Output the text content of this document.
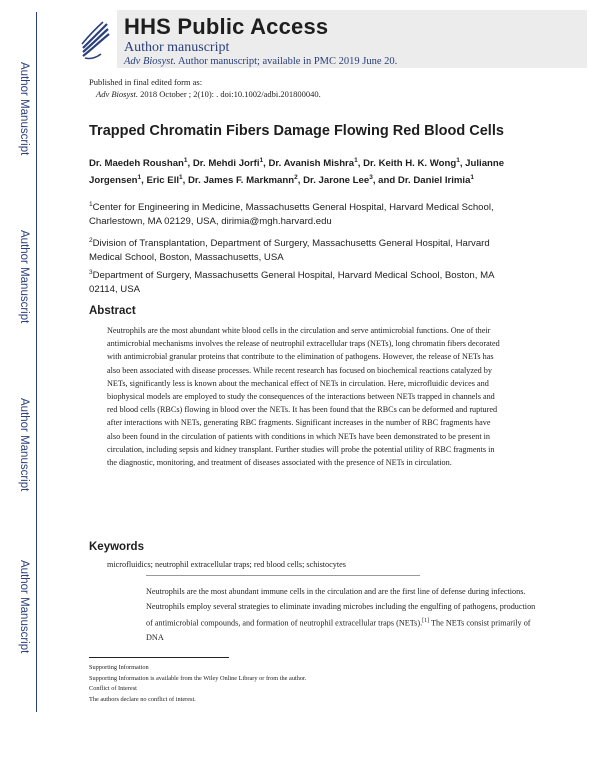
Author Manuscript
Author Manuscript
Author Manuscript
Author Manuscript
HHS Public Access
Author manuscript
Adv Biosyst. Author manuscript; available in PMC 2019 June 20.
Published in final edited form as:
Adv Biosyst. 2018 October ; 2(10): . doi:10.1002/adbi.201800040.
Trapped Chromatin Fibers Damage Flowing Red Blood Cells
Dr. Maedeh Roushan$^1$, Dr. Mehdi Jorfi$^1$, Dr. Avanish Mishra$^1$, Dr. Keith H. K. Wong$^1$, Julianne Jorgensen$^1$, Eric Ell$^1$, Dr. James F. Markmann$^2$, Dr. Jarone Lee$^3$, and Dr. Daniel Irimia$^1$
$^1$Center for Engineering in Medicine, Massachusetts General Hospital, Harvard Medical School, Charlestown, MA 02129, USA, dirimia@mgh.harvard.edu
$^2$Division of Transplantation, Department of Surgery, Massachusetts General Hospital, Harvard Medical School, Boston, Massachusetts, USA
$^3$Department of Surgery, Massachusetts General Hospital, Harvard Medical School, Boston, MA 02114, USA
Abstract

Neutrophils are the most abundant white blood cells in the circulation and serve antimicrobial functions. One of their antimicrobial mechanisms involves the release of neutrophil extracellular traps (NETs), long chromatin fibers decorated with antimicrobial granular proteins that contribute to the elimination of pathogens. However, the release of NETs has also been associated with disease processes. While recent research has focused on biochemical reactions catalyzed by NETs, significantly less is known about the mechanical effect of NETs in circulation. Here, microfluidic devices and biophysical models are employed to study the consequences of the interactions between NETs trapped in channels and red blood cells (RBCs) flowing in blood over the NETs. It has been found that the RBCs can be deformed and ruptured after interactions with NETs, generating RBC fragments. Significant increases in the number of RBC fragments have also been found in the circulation of patients with conditions in which NETs have been demonstrated to be present in circulation, including sepsis and kidney transplant. Further studies will probe the potential utility of RBC fragments in the diagnostic, monitoring, and treatment of diseases associated with the presence of NETs in circulation.

Keywords
microfluidics; neutrophil extracellular traps; red blood cells; schistocytes

Neutrophils are the most abundant immune cells in the circulation and are the first line of defense during infections. Neutrophils employ several strategies to eliminate invading microbes including the engulfing of pathogens, production of antimicrobial compounds, and formation of neutrophil extracellular traps (NETs).[1] The NETs consist primarily of DNA

Supporting Information
Supporting Information is available from the Wiley Online Library or from the author.
Conflict of Interest
The authors declare no conflict of interest.
